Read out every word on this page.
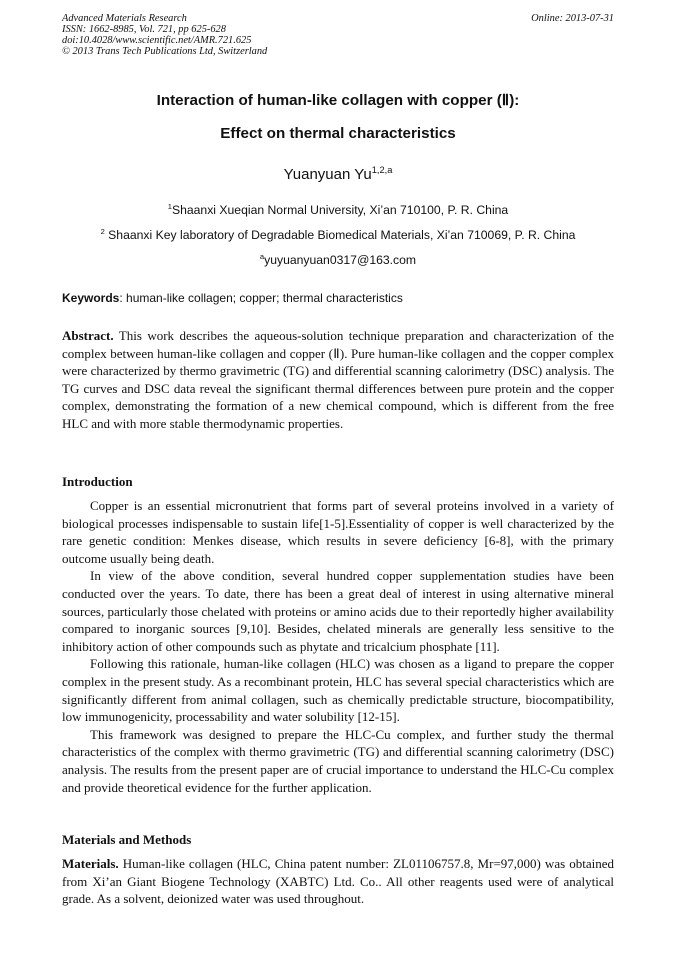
Advanced Materials Research
ISSN: 1662-8985, Vol. 721, pp 625-628
doi:10.4028/www.scientific.net/AMR.721.625
© 2013 Trans Tech Publications Ltd, Switzerland
Online: 2013-07-31
Interaction of human-like collagen with copper (Ⅱ):
Effect on thermal characteristics
Yuanyuan Yu$^{1,2,a}$
$^1$Shaanxi Xueqian Normal University, Xi’an 710100, P. R. China
$^2$ Shaanxi Key laboratory of Degradable Biomedical Materials, Xi’an 710069, P. R. China
$^a$yuyuanyuan0317@163.com
Keywords: human-like collagen; copper; thermal characteristics

Abstract. This work describes the aqueous-solution technique preparation and characterization of the complex between human-like collagen and copper (Ⅱ). Pure human-like collagen and the copper complex were characterized by thermo gravimetric (TG) and differential scanning calorimetry (DSC) analysis. The TG curves and DSC data reveal the significant thermal differences between pure protein and the copper complex, demonstrating the formation of a new chemical compound, which is different from the free HLC and with more stable thermodynamic properties.

Introduction

Copper is an essential micronutrient that forms part of several proteins involved in a variety of biological processes indispensable to sustain life[1-5].Essentiality of copper is well characterized by the rare genetic condition: Menkes disease, which results in severe deficiency [6-8], with the primary outcome usually being death.

In view of the above condition, several hundred copper supplementation studies have been conducted over the years. To date, there has been a great deal of interest in using alternative mineral sources, particularly those chelated with proteins or amino acids due to their reportedly higher availability compared to inorganic sources [9,10]. Besides, chelated minerals are generally less sensitive to the inhibitory action of other compounds such as phytate and tricalcium phosphate [11].

Following this rationale, human-like collagen (HLC) was chosen as a ligand to prepare the copper complex in the present study. As a recombinant protein, HLC has several special characteristics which are significantly different from animal collagen, such as chemically predictable structure, biocompatibility, low immunogenicity, processability and water solubility [12-15].

This framework was designed to prepare the HLC-Cu complex, and further study the thermal characteristics of the complex with thermo gravimetric (TG) and differential scanning calorimetry (DSC) analysis. The results from the present paper are of crucial importance to understand the HLC-Cu complex and provide theoretical evidence for the further application.

Materials and Methods

Materials. Human-like collagen (HLC, China patent number: ZL01106757.8, Mr=97,000) was obtained from Xi’an Giant Biogene Technology (XABTC) Ltd. Co.. All other reagents used were of analytical grade. As a solvent, deionized water was used throughout.
